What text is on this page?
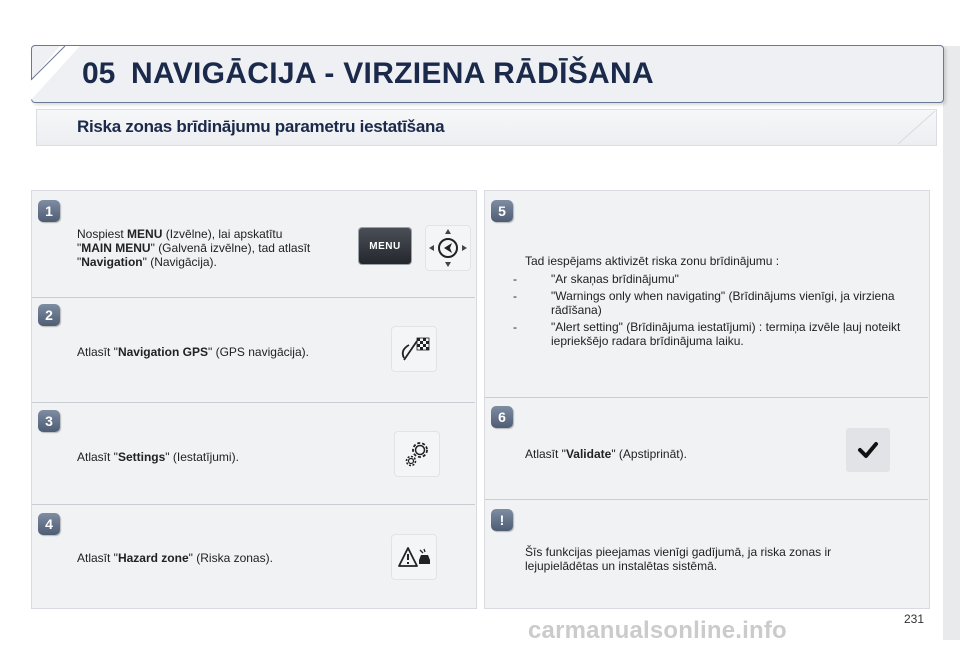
05 NAVIGĀCIJA - VIRZIENA RĀDĪŠANA
Riska zonas brīdinājumu parametru iestatīšana
1
Nospiest MENU (Izvēlne), lai apskatītu
"MAIN MENU" (Galvenā izvēlne), tad atlasīt
"Navigation" (Navigācija).
MENU
2
Atlasīt "Navigation GPS" (GPS navigācija).
3
Atlasīt "Settings" (Iestatījumi).
4
Atlasīt "Hazard zone" (Riska zonas).
5
Tad iespējams aktivizēt riska zonu brīdinājumu :
-	"Ar skaņas brīdinājumu"
-	"Warnings only when navigating" (Brīdinājums vienīgi, ja virziena rādīšana)
-	"Alert setting" (Brīdinājuma iestatījumi) : termiņa izvēle ļauj noteikt iepriekšējo radara brīdinājuma laiku.
6
Atlasīt "Validate" (Apstiprināt).
!
Šīs funkcijas pieejamas vienīgi gadījumā, ja riska zonas ir lejupielādētas un instalētas sistēmā.
carmanualsonline.info	231
